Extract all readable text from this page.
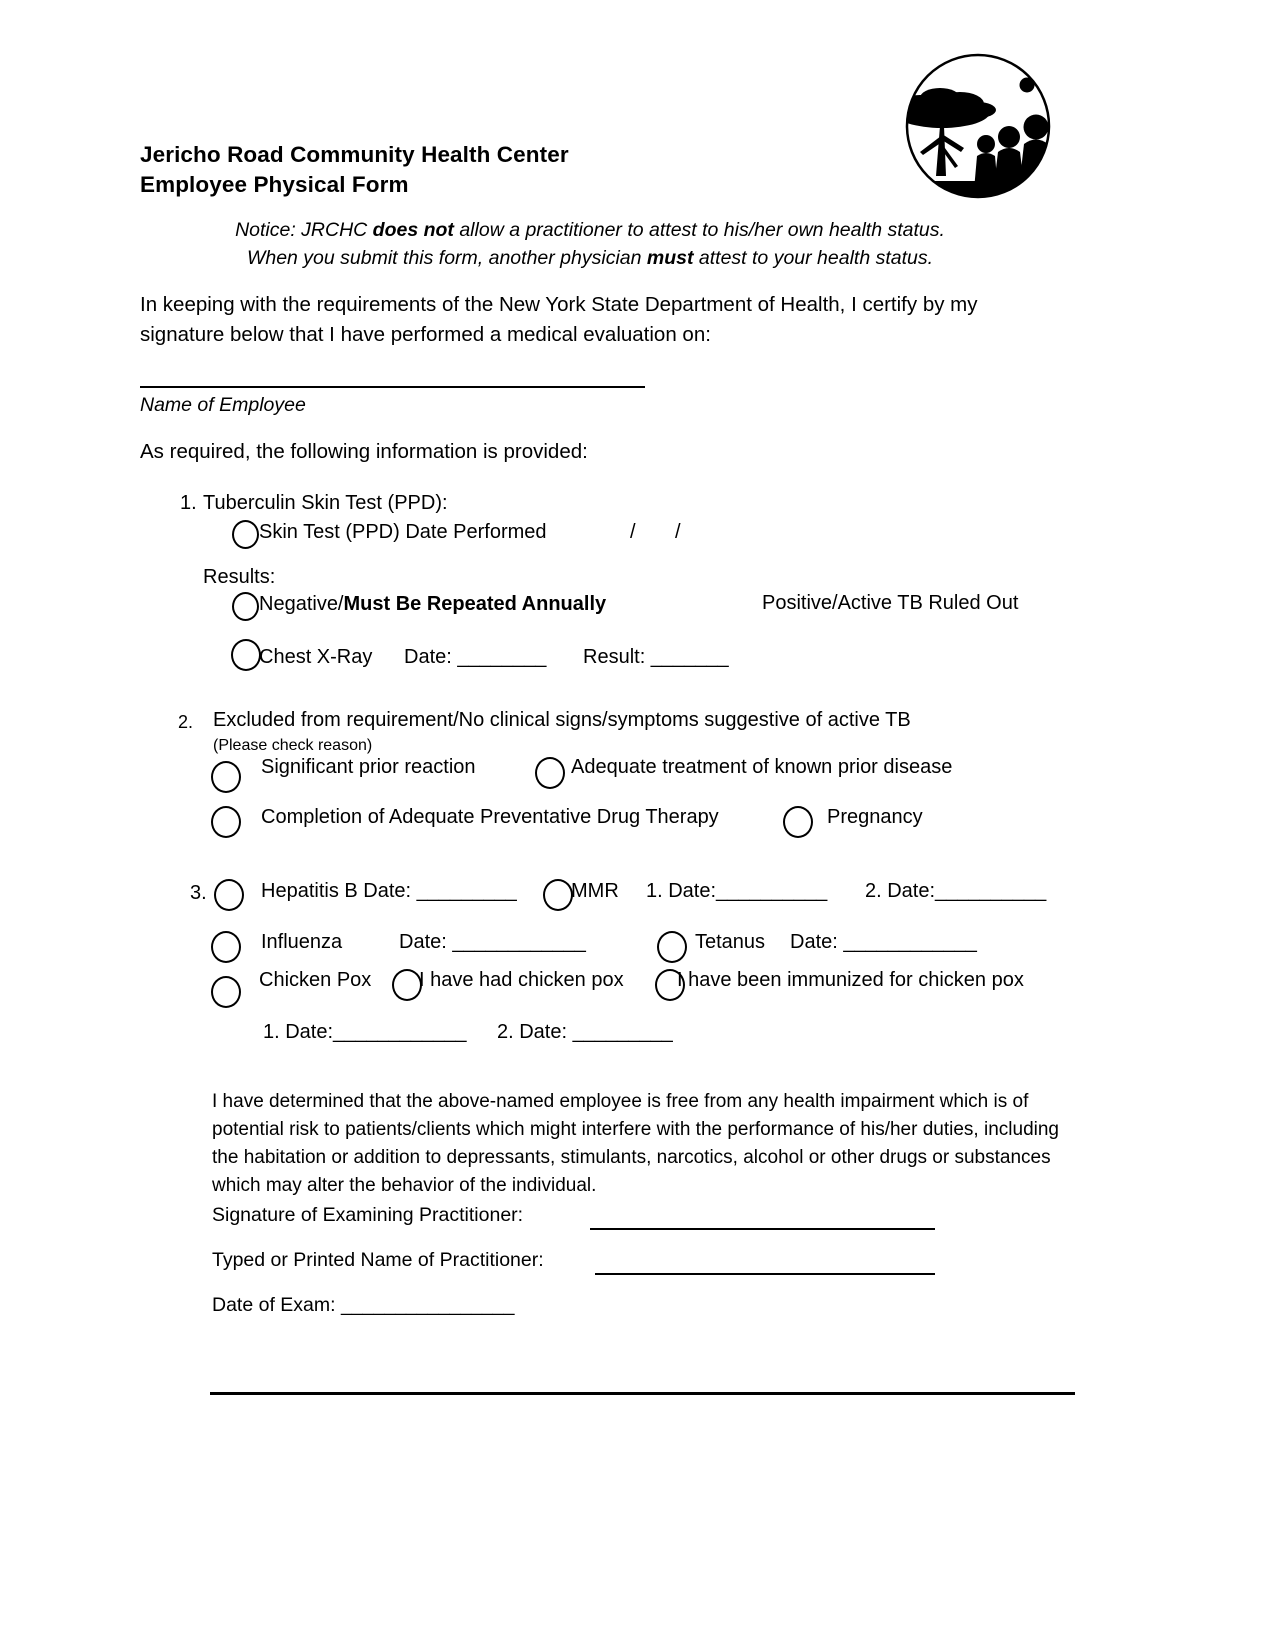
Jericho Road Community Health Center
Employee Physical Form
Notice: JRCHC does not allow a practitioner to attest to his/her own health status.
When you submit this form, another physician must attest to your health status.
In keeping with the requirements of the New York State Department of Health, I certify by my signature below that I have performed a medical evaluation on:
Name of Employee
As required, the following information is provided:
1. Tuberculin Skin Test (PPD):
Skin Test (PPD) Date Performed	/ /
Results:
Negative/Must Be Repeated Annually	Positive/Active TB Ruled Out
Chest X-Ray Date: ________ Result: _______
2. Excluded from requirement/No clinical signs/symptoms suggestive of active TB
(Please check reason)
Significant prior reaction	Adequate treatment of known prior disease
Completion of Adequate Preventative Drug Therapy	Pregnancy
3.	Hepatitis B Date: _________	MMR 1. Date:__________ 2. Date:__________
Influenza	Date: ____________	Tetanus Date: ____________
Chicken Pox I have had chicken pox	I have been immunized for chicken pox
1. Date:____________ 2. Date: _________
I have determined that the above-named employee is free from any health impairment which is of potential risk to patients/clients which might interfere with the performance of his/her duties, including the habitation or addition to depressants, stimulants, narcotics, alcohol or other drugs or substances which may alter the behavior of the individual.
Signature of Examining Practitioner:
Typed or Printed Name of Practitioner:
Date of Exam: ________________
